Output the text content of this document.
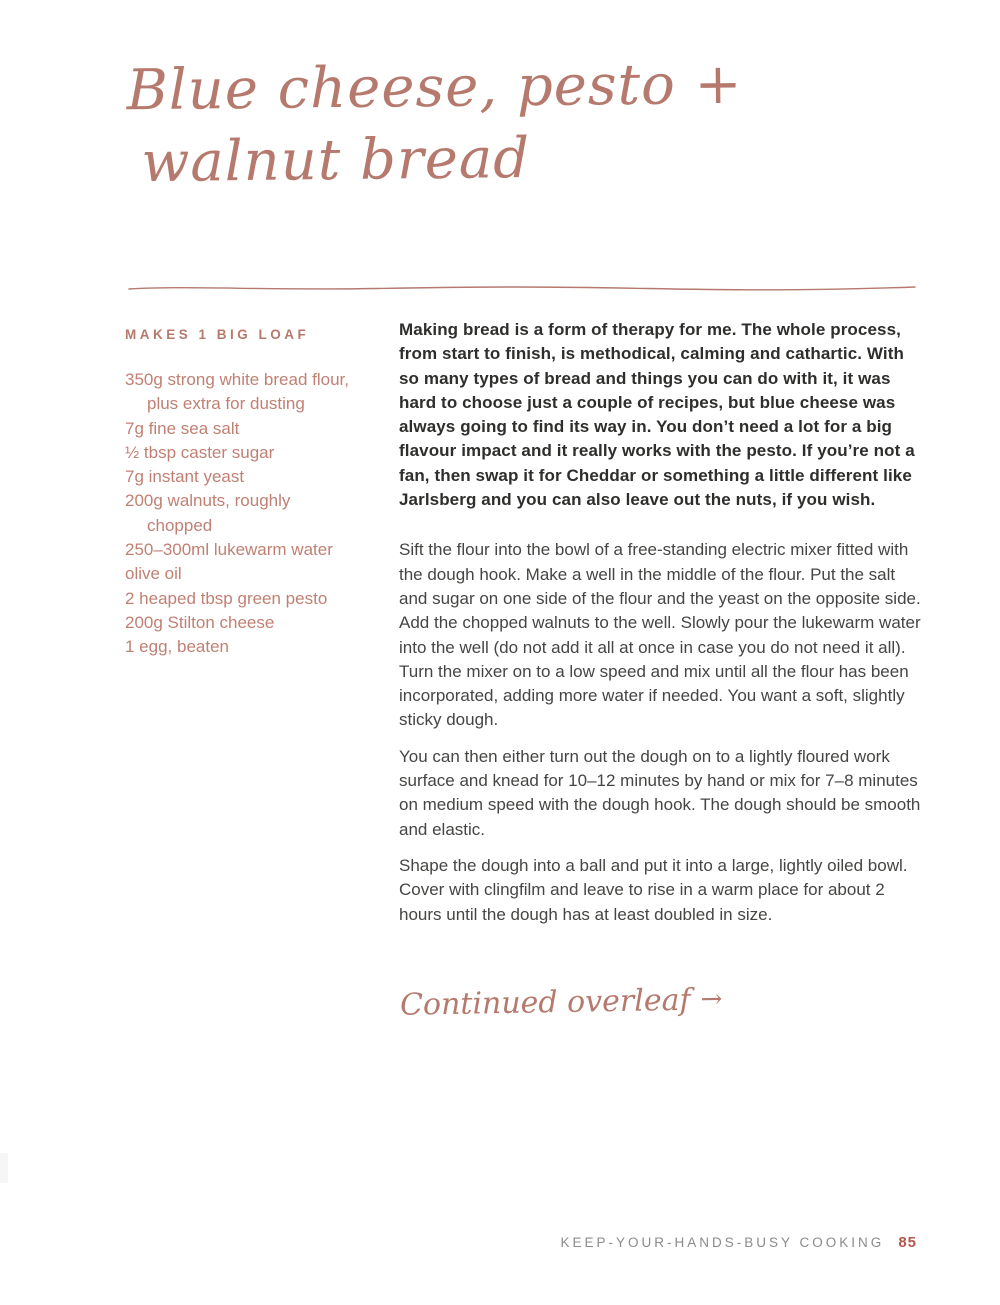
Blue cheese, pesto +
walnut bread
MAKES 1 BIG LOAF
350g strong white bread flour,
plus extra for dusting
7g fine sea salt
½ tbsp caster sugar
7g instant yeast
200g walnuts, roughly
chopped
250–300ml lukewarm water
olive oil
2 heaped tbsp green pesto
200g Stilton cheese
1 egg, beaten

Making bread is a form of therapy for me. The whole process, from start to finish, is methodical, calming and cathartic. With so many types of bread and things you can do with it, it was hard to choose just a couple of recipes, but blue cheese was always going to find its way in. You don’t need a lot for a big flavour impact and it really works with the pesto. If you’re not a fan, then swap it for Cheddar or something a little different like Jarlsberg and you can also leave out the nuts, if you wish.

Sift the flour into the bowl of a free-standing electric mixer fitted with the dough hook. Make a well in the middle of the flour. Put the salt and sugar on one side of the flour and the yeast on the opposite side. Add the chopped walnuts to the well. Slowly pour the lukewarm water into the well (do not add it all at once in case you do not need it all). Turn the mixer on to a low speed and mix until all the flour has been incorporated, adding more water if needed. You want a soft, slightly sticky dough.

You can then either turn out the dough on to a lightly floured work surface and knead for 10–12 minutes by hand or mix for 7–8 minutes on medium speed with the dough hook. The dough should be smooth and elastic.

Shape the dough into a ball and put it into a large, lightly oiled bowl. Cover with clingfilm and leave to rise in a warm place for about 2 hours until the dough has at least doubled in size.

Continued overleaf →
KEEP-YOUR-HANDS-BUSY COOKING 85
